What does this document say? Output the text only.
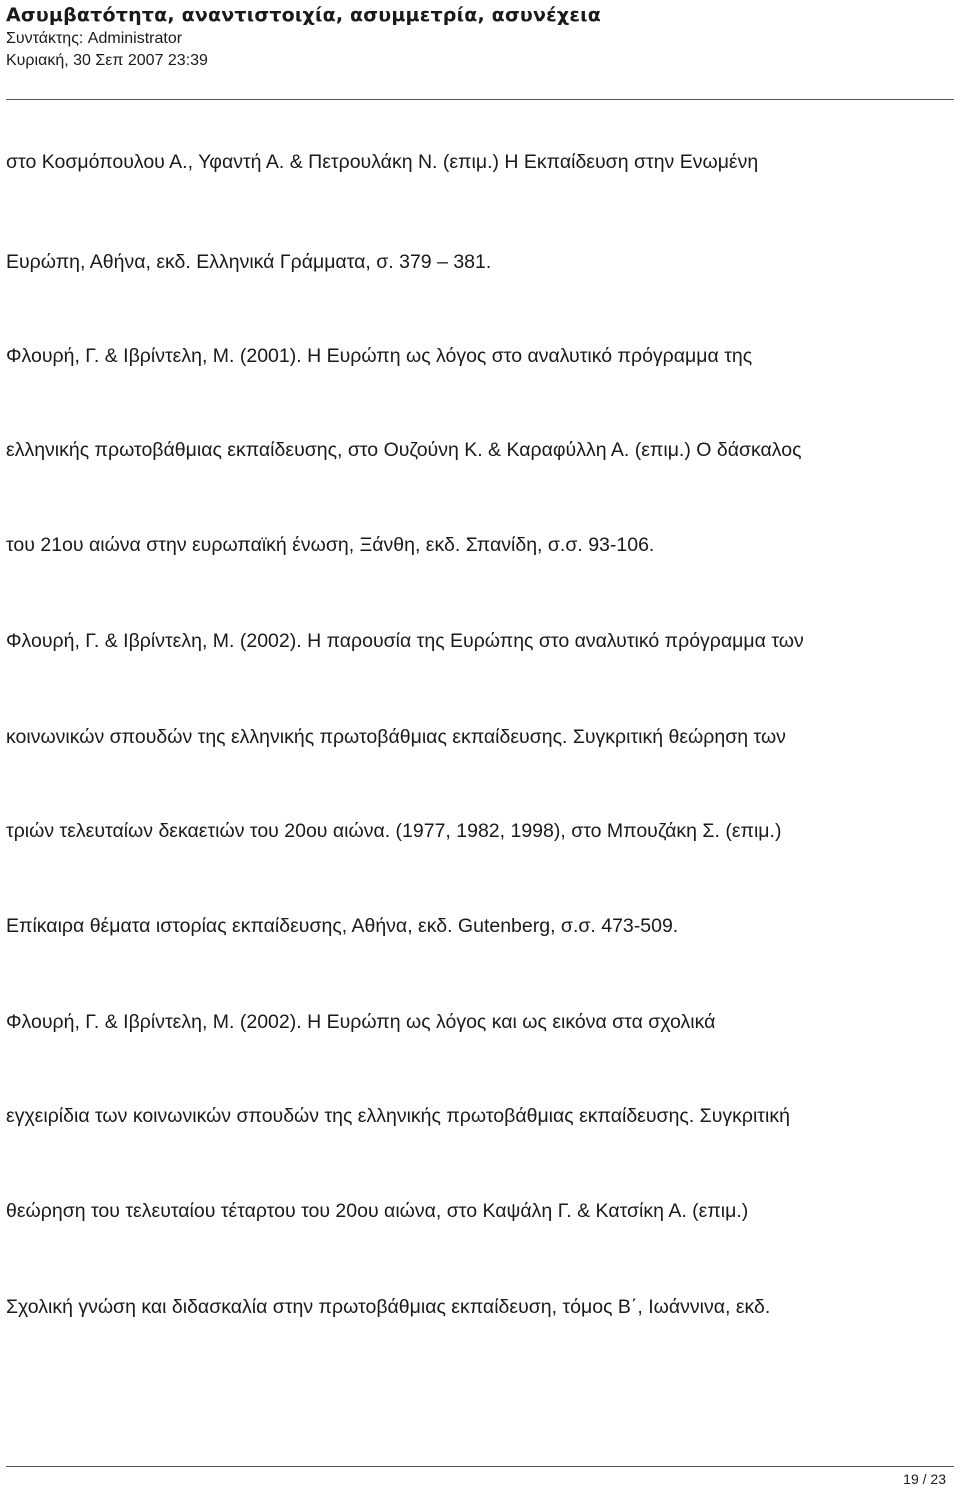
Ασυμβατότητα, αναντιστοιχία, ασυμμετρία, ασυνέχεια
Συντάκτης: Administrator
Κυριακή, 30 Σεπ 2007 23:39
στο Κοσμόπουλου Α., Υφαντή Α. & Πετρουλάκη Ν. (επιμ.) Η Εκπαίδευση στην Ενωμένη
Ευρώπη, Αθήνα, εκδ. Ελληνικά Γράμματα, σ. 379 – 381.
Φλουρή, Γ. & Ιβρίντελη, Μ. (2001). Η Ευρώπη ως λόγος στο αναλυτικό πρόγραμμα της
ελληνικής πρωτοβάθμιας εκπαίδευσης, στο Ουζούνη Κ. & Καραφύλλη Α. (επιμ.) Ο δάσκαλος
του 21ου αιώνα στην ευρωπαϊκή ένωση, Ξάνθη, εκδ. Σπανίδη, σ.σ. 93-106.
Φλουρή, Γ. & Ιβρίντελη, Μ. (2002). Η παρουσία της Ευρώπης στο αναλυτικό πρόγραμμα των
κοινωνικών σπουδών της ελληνικής πρωτοβάθμιας εκπαίδευσης. Συγκριτική θεώρηση των
τριών τελευταίων δεκαετιών του 20ου αιώνα. (1977, 1982, 1998), στο Μπουζάκη Σ. (επιμ.)
Επίκαιρα θέματα ιστορίας εκπαίδευσης, Αθήνα, εκδ. Gutenberg, σ.σ. 473-509.
Φλουρή, Γ. & Ιβρίντελη, Μ. (2002). Η Ευρώπη ως λόγος και ως εικόνα στα σχολικά
εγχειρίδια των κοινωνικών σπουδών της ελληνικής πρωτοβάθμιας εκπαίδευσης. Συγκριτική
θεώρηση του τελευταίου τέταρτου του 20ου αιώνα, στο Καψάλη Γ. & Κατσίκη Α. (επιμ.)
Σχολική γνώση και διδασκαλία στην πρωτοβάθμιας εκπαίδευση, τόμος Β΄, Ιωάννινα, εκδ.
19 / 23
